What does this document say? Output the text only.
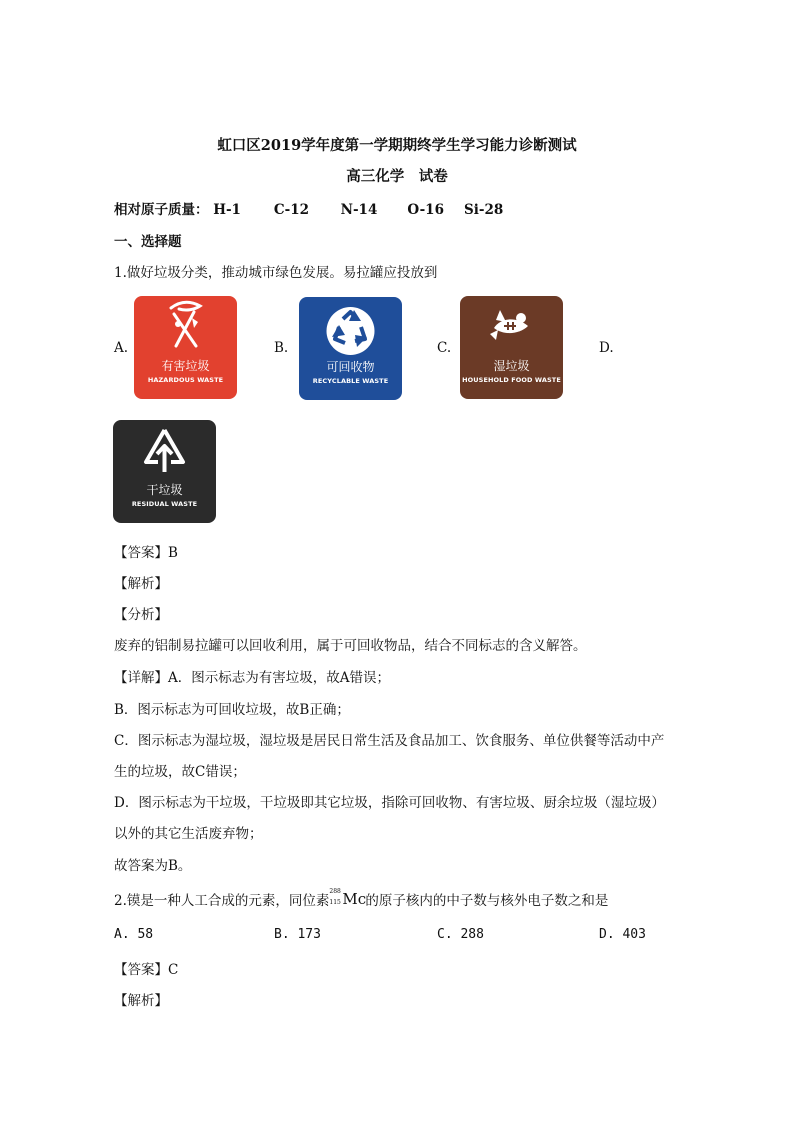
虹口区2019学年度第一学期期终学生学习能力诊断测试
高三化学　试卷
相对原子质量： H-1 C-12 N-14 O-16 Si-28
一、选择题
1.做好垃圾分类，推动城市绿色发展。易拉罐应投放到
A.	B.	C.	D.
有害垃圾
HAZARDOUS WASTE
可回收物
RECYCLABLE WASTE
湿垃圾
HOUSEHOLD FOOD WASTE
干垃圾
RESIDUAL WASTE
【答案】B
【解析】
【分析】
废弃的铝制易拉罐可以回收利用，属于可回收物品，结合不同标志的含义解答。
【详解】A．图示标志为有害垃圾，故A错误；
B．图示标志为可回收垃圾，故B正确；
C．图示标志为湿垃圾，湿垃圾是居民日常生活及食品加工、饮食服务、单位供餐等活动中产
生的垃圾，故C错误；
D．图示标志为干垃圾，干垃圾即其它垃圾，指除可回收物、有害垃圾、厨余垃圾（湿垃圾）
以外的其它生活废弃物；
故答案为B。
2.镆是一种人工合成的元素，同位素
288
115 Mc 的原子核内的中子数与核外电子数之和是
A. 58	B. 173	C. 288	D. 403
【答案】C
【解析】
